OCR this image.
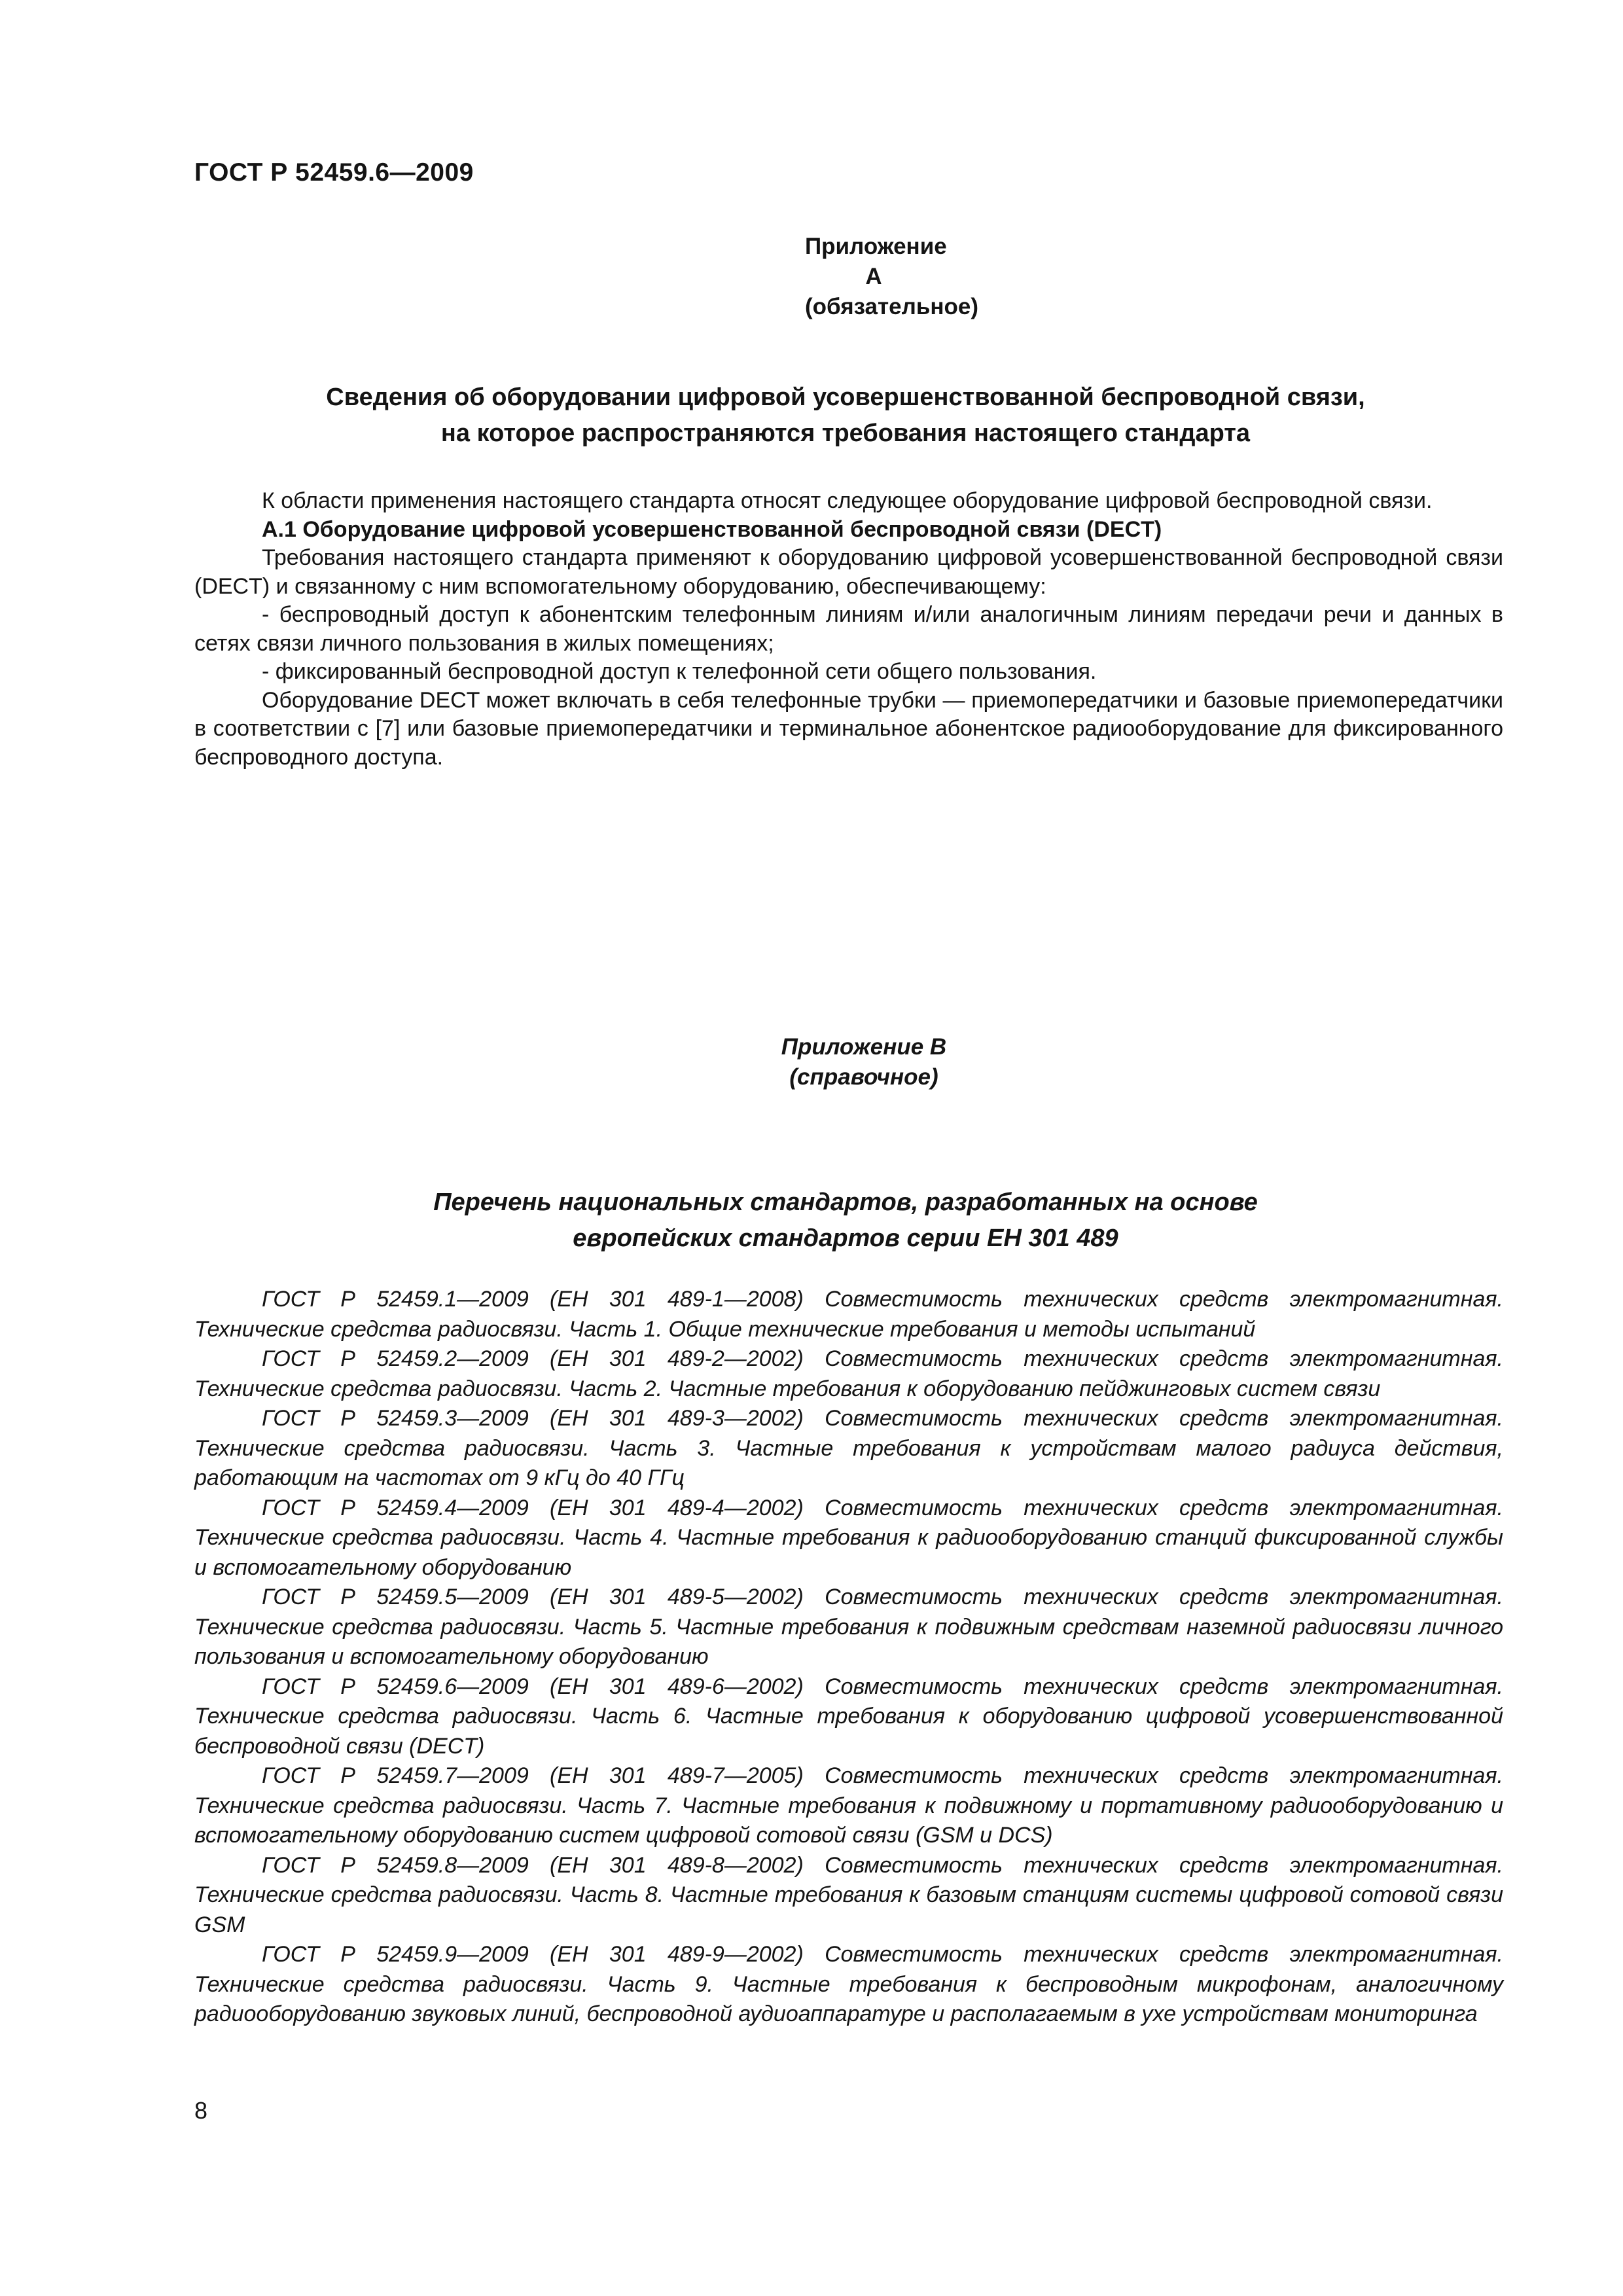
ГОСТ Р 52459.6—2009
Приложение А
(обязательное)
Сведения об оборудовании цифровой усовершенствованной беспроводной связи,
на которое распространяются требования настоящего стандарта

К области применения настоящего стандарта относят следующее оборудование цифровой беспроводной связи.

А.1 Оборудование цифровой усовершенствованной беспроводной связи (DECT)

Требования настоящего стандарта применяют к оборудованию цифровой усовершенствованной беспроводной связи (DECT) и связанному с ним вспомогательному оборудованию, обеспечивающему:

- беспроводный доступ к абонентским телефонным линиям и/или аналогичным линиям передачи речи и данных в сетях связи личного пользования в жилых помещениях;

- фиксированный беспроводной доступ к телефонной сети общего пользования.

Оборудование DECT может включать в себя телефонные трубки — приемопередатчики и базовые приемопередатчики в соответствии с [7] или базовые приемопередатчики и терминальное абонентское радиооборудование для фиксированного беспроводного доступа.

Приложение В
(справочное)
Перечень национальных стандартов, разработанных на основе
европейских стандартов серии ЕН 301 489

ГОСТ Р 52459.1—2009 (ЕН 301 489-1—2008) Совместимость технических средств электромагнитная. Технические средства радиосвязи. Часть 1. Общие технические требования и методы испытаний

ГОСТ Р 52459.2—2009 (ЕН 301 489-2—2002) Совместимость технических средств электромагнитная. Технические средства радиосвязи. Часть 2. Частные требования к оборудованию пейджинговых систем связи

ГОСТ Р 52459.3—2009 (ЕН 301 489-3—2002) Совместимость технических средств электромагнитная. Технические средства радиосвязи. Часть 3. Частные требования к устройствам малого радиуса действия, работающим на частотах от 9 кГц до 40 ГГц

ГОСТ Р 52459.4—2009 (ЕН 301 489-4—2002) Совместимость технических средств электромагнитная. Технические средства радиосвязи. Часть 4. Частные требования к радиооборудованию станций фиксированной службы и вспомогательному оборудованию

ГОСТ Р 52459.5—2009 (ЕН 301 489-5—2002) Совместимость технических средств электромагнитная. Технические средства радиосвязи. Часть 5. Частные требования к подвижным средствам наземной радиосвязи личного пользования и вспомогательному оборудованию

ГОСТ Р 52459.6—2009 (ЕН 301 489-6—2002) Совместимость технических средств электромагнитная. Технические средства радиосвязи. Часть 6. Частные требования к оборудованию цифровой усовершенствованной беспроводной связи (DECT)

ГОСТ Р 52459.7—2009 (ЕН 301 489-7—2005) Совместимость технических средств электромагнитная. Технические средства радиосвязи. Часть 7. Частные требования к подвижному и портативному радиооборудованию и вспомогательному оборудованию систем цифровой сотовой связи (GSM и DCS)

ГОСТ Р 52459.8—2009 (ЕН 301 489-8—2002) Совместимость технических средств электромагнитная. Технические средства радиосвязи. Часть 8. Частные требования к базовым станциям системы цифровой сотовой связи GSM

ГОСТ Р 52459.9—2009 (ЕН 301 489-9—2002) Совместимость технических средств электромагнитная. Технические средства радиосвязи. Часть 9. Частные требования к беспроводным микрофонам, аналогичному радиооборудованию звуковых линий, беспроводной аудиоаппаратуре и располагаемым в ухе устройствам мониторинга

8
